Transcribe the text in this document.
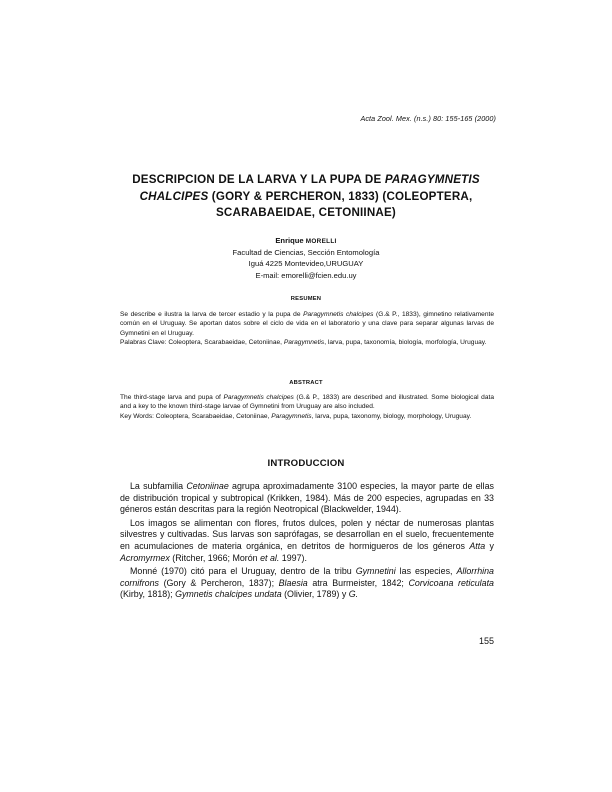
Acta Zool. Mex. (n.s.) 80: 155-165 (2000)
DESCRIPCION DE LA LARVA Y LA PUPA DE PARAGYMNETIS
CHALCIPES (GORY & PERCHERON, 1833) (COLEOPTERA,
SCARABAEIDAE, CETONIINAE)
Enrique MORELLI
Facultad de Ciencias, Sección Entomología
Iguá 4225 Montevideo,URUGUAY
E-mail: emorelli@fcien.edu.uy
RESUMEN
Se describe e ilustra la larva de tercer estadio y la pupa de Paragymnetis chalcipes (G.& P., 1833), gimnetino relativamente común en el Uruguay. Se aportan datos sobre el ciclo de vida en el laboratorio y una clave para separar algunas larvas de Gymnetini en el Uruguay.
Palabras Clave: Coleoptera, Scarabaeidae, Cetoniinae, Paragymnetis, larva, pupa, taxonomía, biología, morfología, Uruguay.
ABSTRACT
The third-stage larva and pupa of Paragymnetis chalcipes (G.& P., 1833) are described and illustrated. Some biological data and a key to the known third-stage larvae of Gymnetini from Uruguay are also included.
Key Words: Coleoptera, Scarabaeidae, Cetoniinae, Paragymnetis, larva, pupa, taxonomy, biology, morphology, Uruguay.
INTRODUCCION

La subfamilia Cetoniinae agrupa aproximadamente 3100 especies, la mayor parte de ellas de distribución tropical y subtropical (Krikken, 1984). Más de 200 especies, agrupadas en 33 géneros están descritas para la región Neotropical (Blackwelder, 1944).

Los imagos se alimentan con flores, frutos dulces, polen y néctar de numerosas plantas silvestres y cultivadas. Sus larvas son saprófagas, se desarrollan en el suelo, frecuentemente en acumulaciones de materia orgánica, en detritos de hormigueros de los géneros Atta y Acromyrmex (Ritcher, 1966; Morón et al. 1997).

Monné (1970) citó para el Uruguay, dentro de la tribu Gymnetini las especies, Allorrhina cornifrons (Gory & Percheron, 1837); Blaesia atra Burmeister, 1842; Corvicoana reticulata (Kirby, 1818); Gymnetis chalcipes undata (Olivier, 1789) y G.

155
